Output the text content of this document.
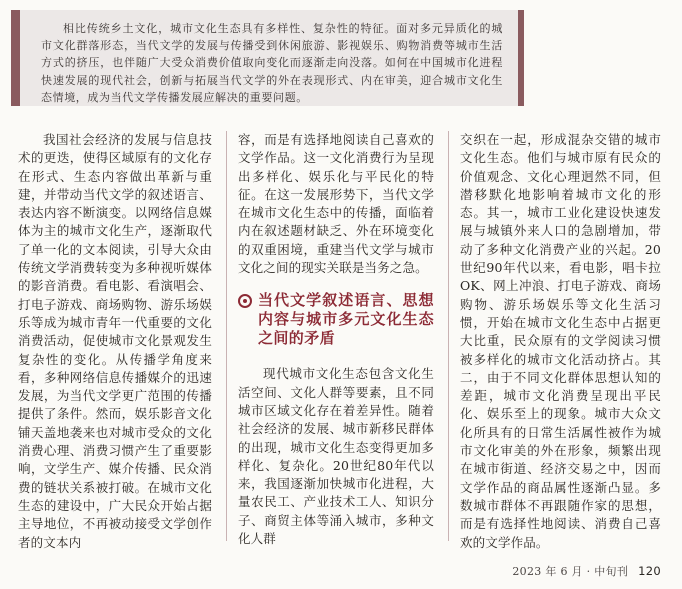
相比传统乡土文化，城市文化生态具有多样性、复杂性的特征。面对多元异质化的城市文化群落形态，当代文学的发展与传播受到休闲旅游、影视娱乐、购物消费等城市生活方式的挤压，也伴随广大受众消费价值取向变化而逐渐走向没落。如何在中国城市化进程快速发展的现代社会，创新与拓展当代文学的外在表现形式、内在审美，迎合城市文化生态情境，成为当代文学传播发展应解决的重要问题。

我国社会经济的发展与信息技术的更迭，使得区域原有的文化存在形式、生态内容做出革新与重建，并带动当代文学的叙述语言、表达内容不断演变。以网络信息媒体为主的城市文化生产，逐渐取代了单一化的文本阅读，引导大众由传统文学消费转变为多种视听媒体的影音消费。看电影、看演唱会、打电子游戏、商场购物、游乐场娱乐等成为城市青年一代重要的文化消费活动，促使城市文化景观发生复杂性的变化。从传播学角度来看，多种网络信息传播媒介的迅速发展，为当代文学更广范围的传播提供了条件。然而，娱乐影音文化铺天盖地袭来也对城市受众的文化消费心理、消费习惯产生了重要影响，文学生产、媒介传播、民众消费的链状关系被打破。在城市文化生态的建设中，广大民众开始占据主导地位，不再被动接受文学创作者的文本内

容，而是有选择地阅读自己喜欢的文学作品。这一文化消费行为呈现出多样化、娱乐化与平民化的特征。在这一发展形势下，当代文学在城市文化生态中的传播，面临着内在叙述题材缺乏、外在环境变化的双重困境，重建当代文学与城市文化之间的现实关联是当务之急。

当代文学叙述语言、思想内容与城市多元文化生态之间的矛盾

现代城市文化生态包含文化生活空间、文化人群等要素，且不同城市区域文化存在着差异性。随着社会经济的发展、城市新移民群体的出现，城市文化生态变得更加多样化、复杂化。20世纪80年代以来，我国逐渐加快城市化进程，大量农民工、产业技术工人、知识分子、商贸主体等涌入城市，多种文化人群

交织在一起，形成混杂交错的城市文化生态。他们与城市原有民众的价值观念、文化心理迥然不同，但潜移默化地影响着城市文化的形态。其一，城市工业化建设快速发展与城镇外来人口的急剧增加，带动了多种文化消费产业的兴起。20世纪90年代以来，看电影，唱卡拉OK、网上冲浪、打电子游戏、商场购物、游乐场娱乐等文化生活习惯，开始在城市文化生态中占据更大比重，民众原有的文学阅读习惯被多样化的城市文化活动挤占。其二，由于不同文化群体思想认知的差距，城市文化消费呈现出平民化、娱乐至上的现象。城市大众文化所具有的日常生活属性被作为城市文化审美的外在形象，频繁出现在城市街道、经济交易之中，因而文学作品的商品属性逐渐凸显。多数城市群体不再跟随作家的思想，而是有选择性地阅读、消费自己喜欢的文学作品。

2023 年 6 月 · 中旬刊 120
